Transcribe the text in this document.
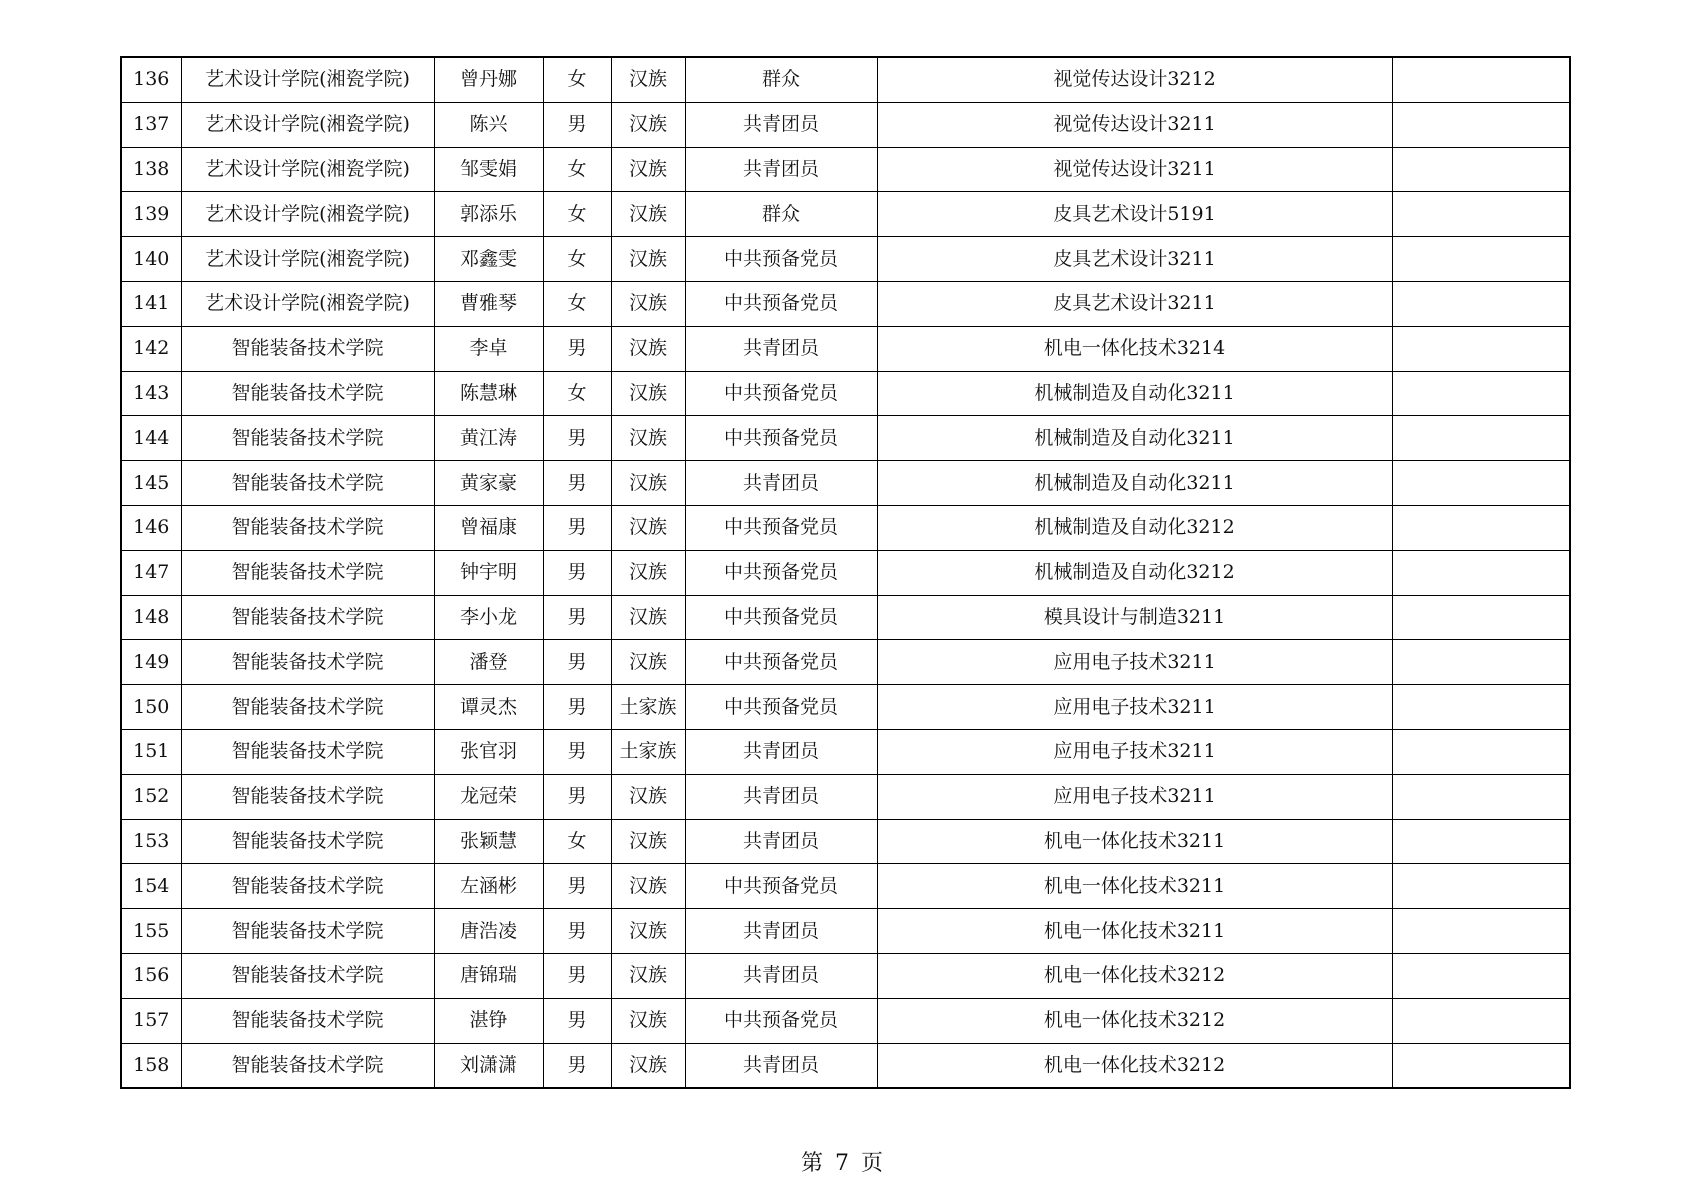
136	艺术设计学院(湘瓷学院)	曾丹娜	女	汉族	群众	视觉传达设计3212	
137	艺术设计学院(湘瓷学院)	陈兴	男	汉族	共青团员	视觉传达设计3211	
138	艺术设计学院(湘瓷学院)	邹雯娟	女	汉族	共青团员	视觉传达设计3211	
139	艺术设计学院(湘瓷学院)	郭添乐	女	汉族	群众	皮具艺术设计5191	
140	艺术设计学院(湘瓷学院)	邓鑫雯	女	汉族	中共预备党员	皮具艺术设计3211	
141	艺术设计学院(湘瓷学院)	曹雅琴	女	汉族	中共预备党员	皮具艺术设计3211	
142	智能装备技术学院	李卓	男	汉族	共青团员	机电一体化技术3214	
143	智能装备技术学院	陈慧琳	女	汉族	中共预备党员	机械制造及自动化3211	
144	智能装备技术学院	黄江涛	男	汉族	中共预备党员	机械制造及自动化3211	
145	智能装备技术学院	黄家豪	男	汉族	共青团员	机械制造及自动化3211	
146	智能装备技术学院	曾福康	男	汉族	中共预备党员	机械制造及自动化3212	
147	智能装备技术学院	钟宇明	男	汉族	中共预备党员	机械制造及自动化3212	
148	智能装备技术学院	李小龙	男	汉族	中共预备党员	模具设计与制造3211	
149	智能装备技术学院	潘登	男	汉族	中共预备党员	应用电子技术3211	
150	智能装备技术学院	谭灵杰	男	土家族	中共预备党员	应用电子技术3211	
151	智能装备技术学院	张官羽	男	土家族	共青团员	应用电子技术3211	
152	智能装备技术学院	龙冠荣	男	汉族	共青团员	应用电子技术3211	
153	智能装备技术学院	张颖慧	女	汉族	共青团员	机电一体化技术3211	
154	智能装备技术学院	左涵彬	男	汉族	中共预备党员	机电一体化技术3211	
155	智能装备技术学院	唐浩凌	男	汉族	共青团员	机电一体化技术3211	
156	智能装备技术学院	唐锦瑞	男	汉族	共青团员	机电一体化技术3212	
157	智能装备技术学院	湛铮	男	汉族	中共预备党员	机电一体化技术3212	
158	智能装备技术学院	刘潇潇	男	汉族	共青团员	机电一体化技术3212	
第 7 页
